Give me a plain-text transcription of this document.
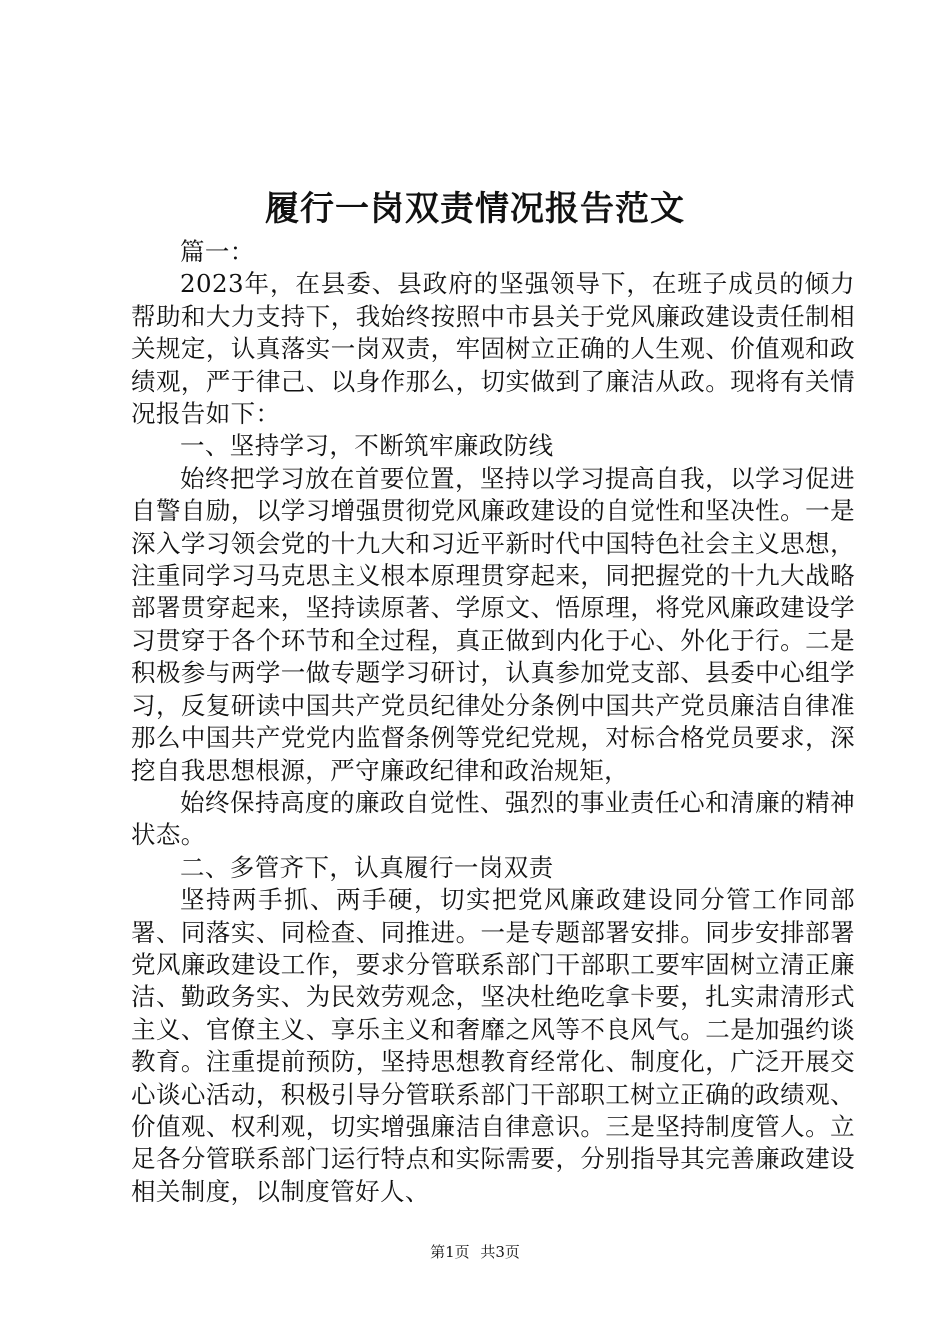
履行一岗双责情况报告范文

篇一：

2023年，在县委、县政府的坚强领导下，在班子成员的倾力帮助和大力支持下，我始终按照中市县关于党风廉政建设责任制相关规定，认真落实一岗双责，牢固树立正确的人生观、价值观和政绩观，严于律己、以身作那么，切实做到了廉洁从政。现将有关情况报告如下：

一、坚持学习，不断筑牢廉政防线

始终把学习放在首要位置，坚持以学习提高自我，以学习促进自警自励，以学习增强贯彻党风廉政建设的自觉性和坚决性。一是深入学习领会党的十九大和习近平新时代中国特色社会主义思想，注重同学习马克思主义根本原理贯穿起来，同把握党的十九大战略部署贯穿起来，坚持读原著、学原文、悟原理，将党风廉政建设学习贯穿于各个环节和全过程，真正做到内化于心、外化于行。二是积极参与两学一做专题学习研讨，认真参加党支部、县委中心组学习，反复研读中国共产党员纪律处分条例中国共产党员廉洁自律准那么中国共产党党内监督条例等党纪党规，对标合格党员要求，深挖自我思想根源，严守廉政纪律和政治规矩，

始终保持高度的廉政自觉性、强烈的事业责任心和清廉的精神状态。

二、多管齐下，认真履行一岗双责

坚持两手抓、两手硬，切实把党风廉政建设同分管工作同部署、同落实、同检查、同推进。一是专题部署安排。同步安排部署党风廉政建设工作，要求分管联系部门干部职工要牢固树立清正廉洁、勤政务实、为民效劳观念，坚决杜绝吃拿卡要，扎实肃清形式主义、官僚主义、享乐主义和奢靡之风等不良风气。二是加强约谈教育。注重提前预防，坚持思想教育经常化、制度化，广泛开展交心谈心活动，积极引导分管联系部门干部职工树立正确的政绩观、价值观、权利观，切实增强廉洁自律意识。三是坚持制度管人。立足各分管联系部门运行特点和实际需要，分别指导其完善廉政建设相关制度，以制度管好人、

第1页 共3页
